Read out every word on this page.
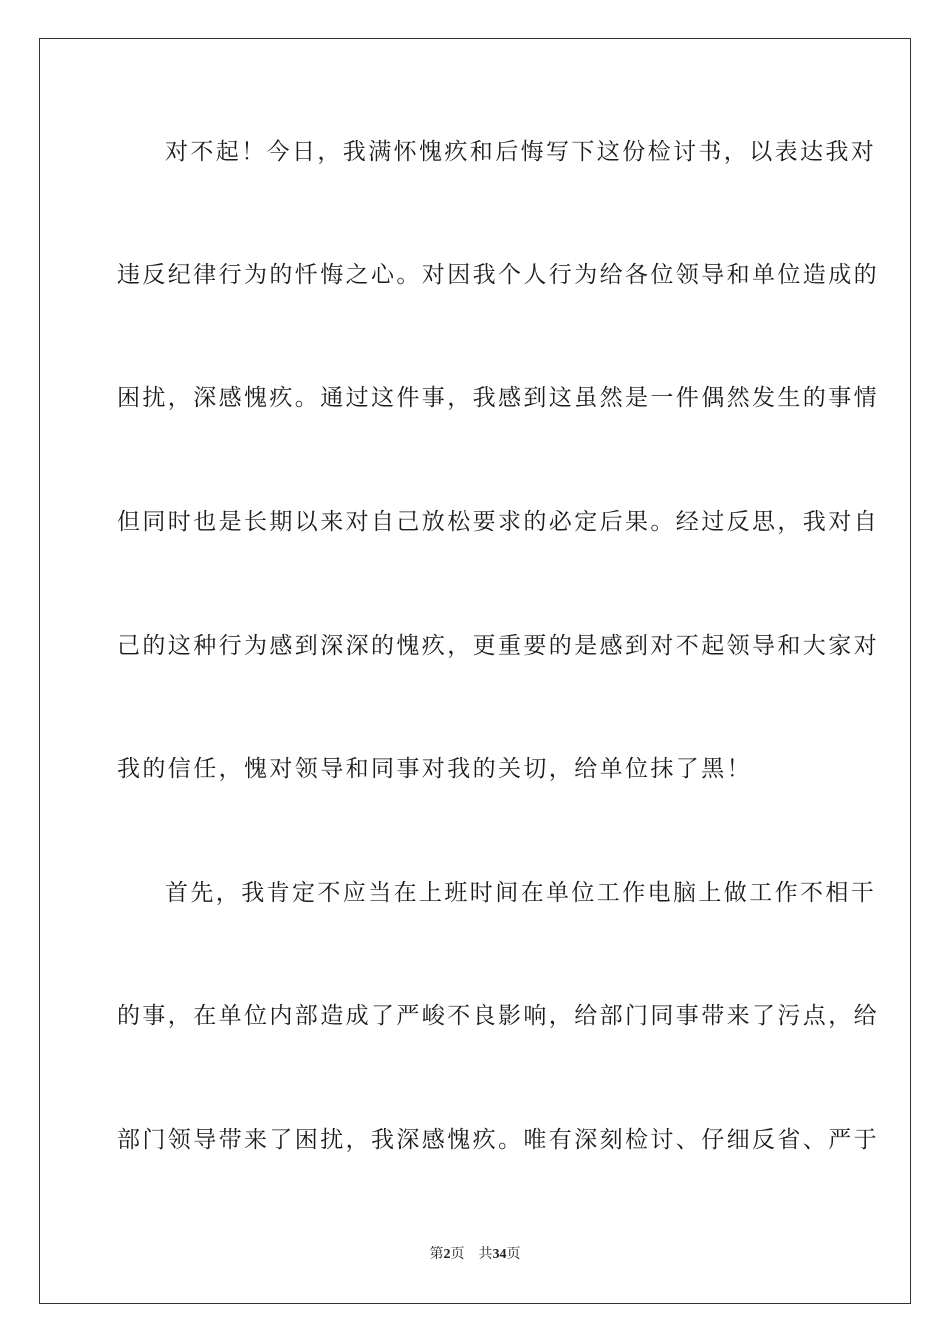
对不起！今日，我满怀愧疚和后悔写下这份检讨书，以表达我对
违反纪律行为的忏悔之心。对因我个人行为给各位领导和单位造成的
困扰，深感愧疚。通过这件事，我感到这虽然是一件偶然发生的事情
但同时也是长期以来对自己放松要求的必定后果。经过反思，我对自
己的这种行为感到深深的愧疚，更重要的是感到对不起领导和大家对
我的信任，愧对领导和同事对我的关切，给单位抹了黑！
首先，我肯定不应当在上班时间在单位工作电脑上做工作不相干
的事，在单位内部造成了严峻不良影响，给部门同事带来了污点，给
部门领导带来了困扰，我深感愧疚。唯有深刻检讨、仔细反省、严于
第2页 共34页
